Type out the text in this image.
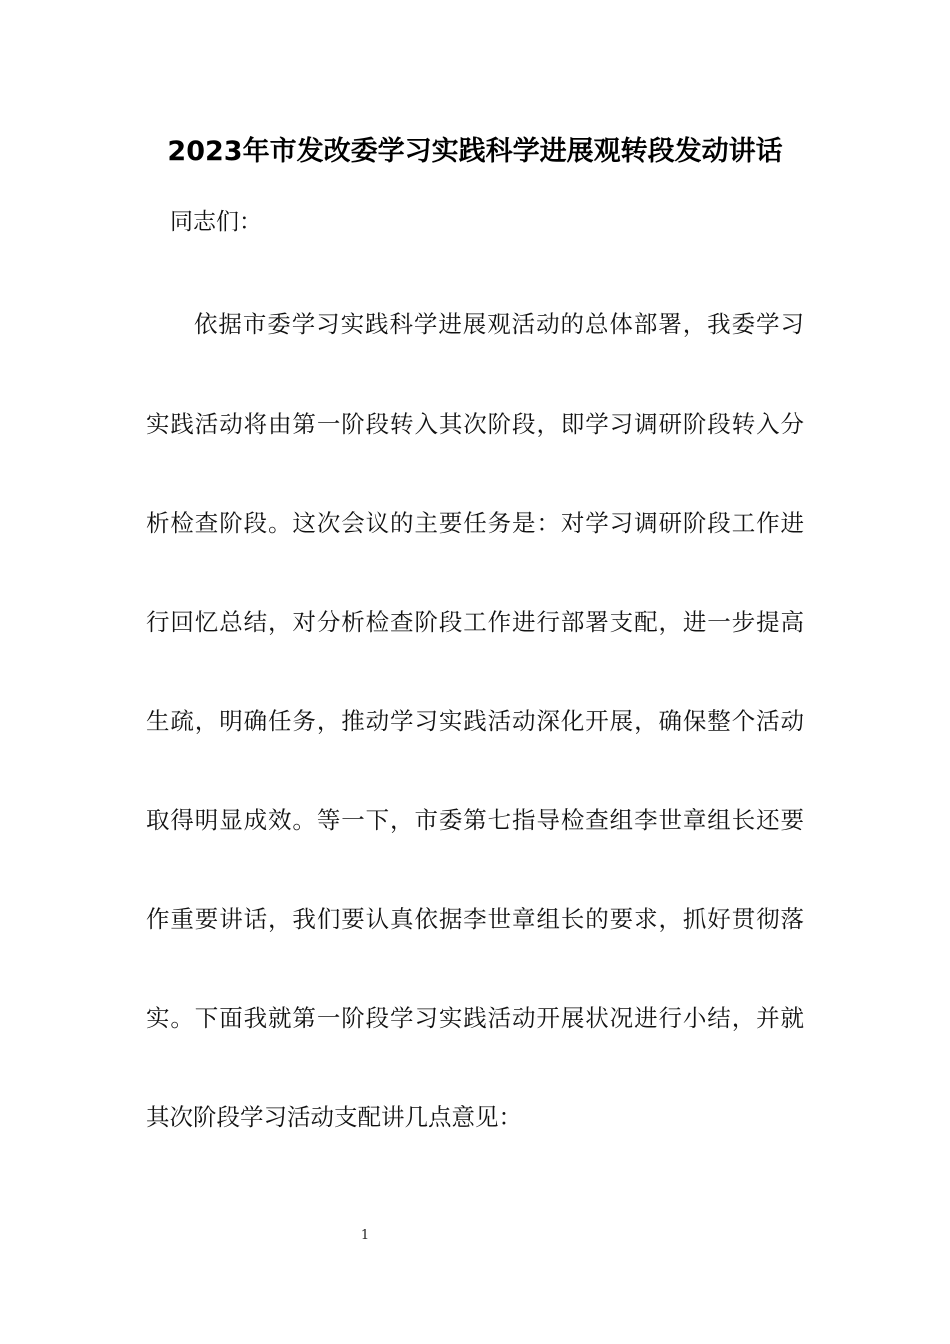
2023年市发改委学习实践科学进展观转段发动讲话
同志们：
依据市委学习实践科学进展观活动的总体部署，我委学习
实践活动将由第一阶段转入其次阶段，即学习调研阶段转入分
析检查阶段。这次会议的主要任务是：对学习调研阶段工作进
行回忆总结，对分析检查阶段工作进行部署支配，进一步提高
生疏，明确任务，推动学习实践活动深化开展，确保整个活动
取得明显成效。等一下，市委第七指导检查组李世章组长还要
作重要讲话，我们要认真依据李世章组长的要求，抓好贯彻落
实。下面我就第一阶段学习实践活动开展状况进行小结，并就
其次阶段学习活动支配讲几点意见：
1
